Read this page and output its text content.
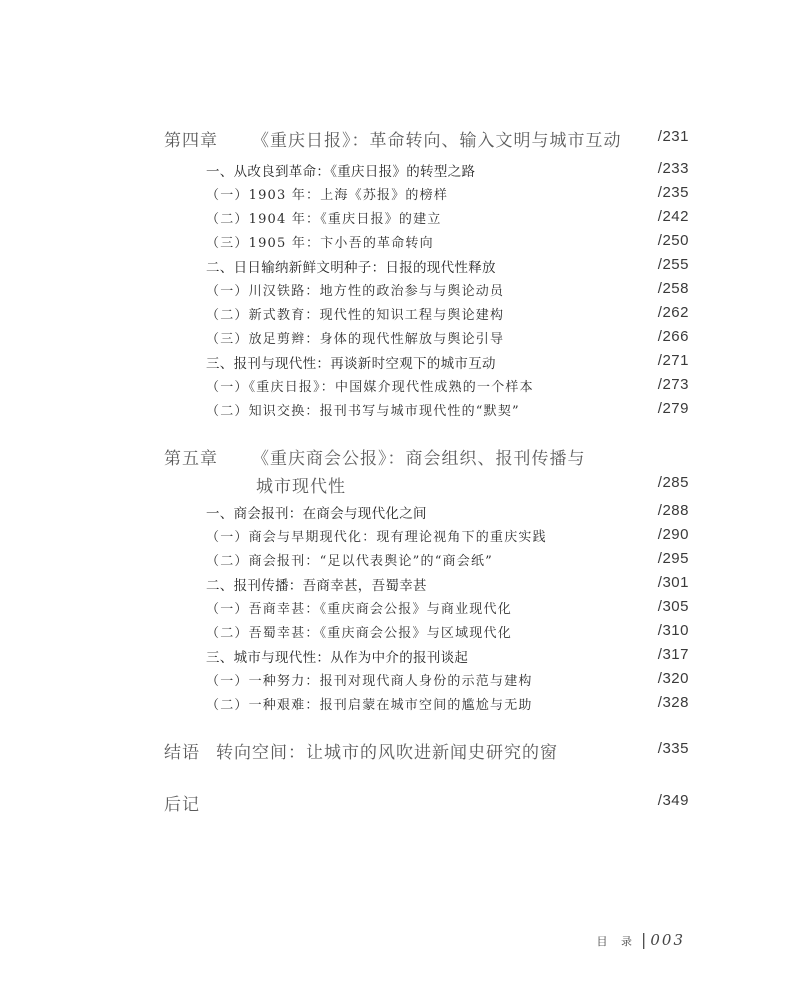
第四章 《重庆日报》：革命转向、输入文明与城市互动 /231
一、从改良到革命：《重庆日报》的转型之路	/233
（一）1903 年：上海《苏报》的榜样	/235
（二）1904 年：《重庆日报》的建立	/242
（三）1905 年：卞小吾的革命转向	/250
二、日日输纳新鲜文明种子：日报的现代性释放	/255
（一）川汉铁路：地方性的政治参与与舆论动员	/258
（二）新式教育：现代性的知识工程与舆论建构	/262
（三）放足剪辫：身体的现代性解放与舆论引导	/266
三、报刊与现代性：再谈新时空观下的城市互动	/271
（一）《重庆日报》：中国媒介现代性成熟的一个样本	/273
（二）知识交换：报刊书写与城市现代性的“默契”	/279
第五章 《重庆商会公报》：商会组织、报刊传播与
城市现代性	/285
一、商会报刊：在商会与现代化之间	/288
（一）商会与早期现代化：现有理论视角下的重庆实践	/290
（二）商会报刊：“足以代表舆论”的“商会纸”	/295
二、报刊传播：吾商幸甚，吾蜀幸甚	/301
（一）吾商幸甚：《重庆商会公报》与商业现代化	/305
（二）吾蜀幸甚：《重庆商会公报》与区域现代化	/310
三、城市与现代性：从作为中介的报刊谈起	/317
（一）一种努力：报刊对现代商人身份的示范与建构	/320
（二）一种艰难：报刊启蒙在城市空间的尴尬与无助	/328
结语 转向空间：让城市的风吹进新闻史研究的窗	/335
后记	/349
目 录 | 003
